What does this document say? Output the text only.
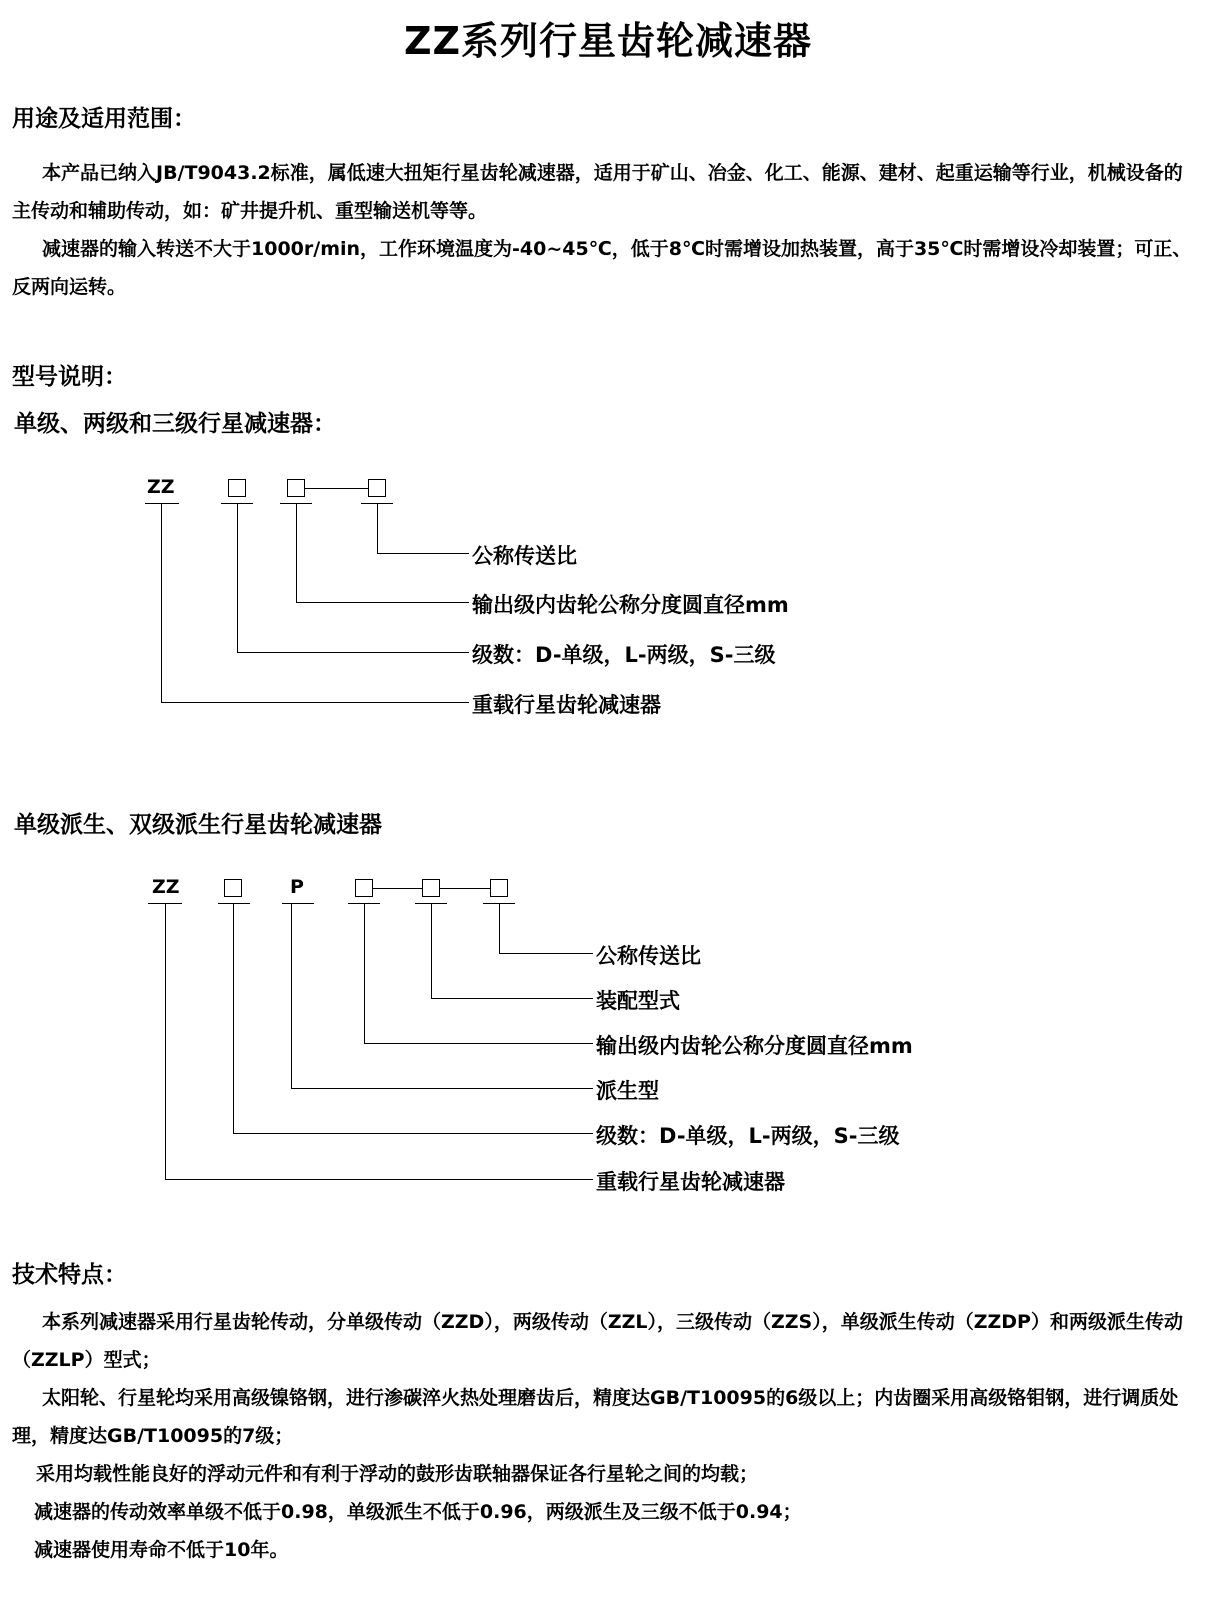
ZZ系列行星齿轮减速器
用途及适用范围：

本产品已纳入JB/T9043.2标准，属低速大扭矩行星齿轮减速器，适用于矿山、冶金、化工、能源、建材、起重运输等行业，机械设备的主传动和辅助传动，如：矿井提升机、重型输送机等等。

减速器的输入转送不大于1000r/min，工作环境温度为-40~45℃，低于8℃时需增设加热装置，高于35℃时需增设冷却装置；可正、反两向运转。

型号说明：
单级、两级和三级行星减速器：
ZZ
公称传送比
输出级内齿轮公称分度圆直径mm
级数：D-单级，L-两级，S-三级
重载行星齿轮减速器
单级派生、双级派生行星齿轮减速器
ZZ	P
公称传送比
装配型式
输出级内齿轮公称分度圆直径mm
派生型
级数：D-单级，L-两级，S-三级
重载行星齿轮减速器
技术特点：

本系列减速器采用行星齿轮传动，分单级传动（ZZD），两级传动（ZZL），三级传动（ZZS），单级派生传动（ZZDP）和两级派生传动（ZZLP）型式；

太阳轮、行星轮均采用高级镍铬钢，进行渗碳淬火热处理磨齿后，精度达GB/T10095的6级以上；内齿圈采用高级铬钼钢，进行调质处理，精度达GB/T10095的7级；

采用均载性能良好的浮动元件和有利于浮动的鼓形齿联轴器保证各行星轮之间的均载；

减速器的传动效率单级不低于0.98，单级派生不低于0.96，两级派生及三级不低于0.94；

减速器使用寿命不低于10年。
